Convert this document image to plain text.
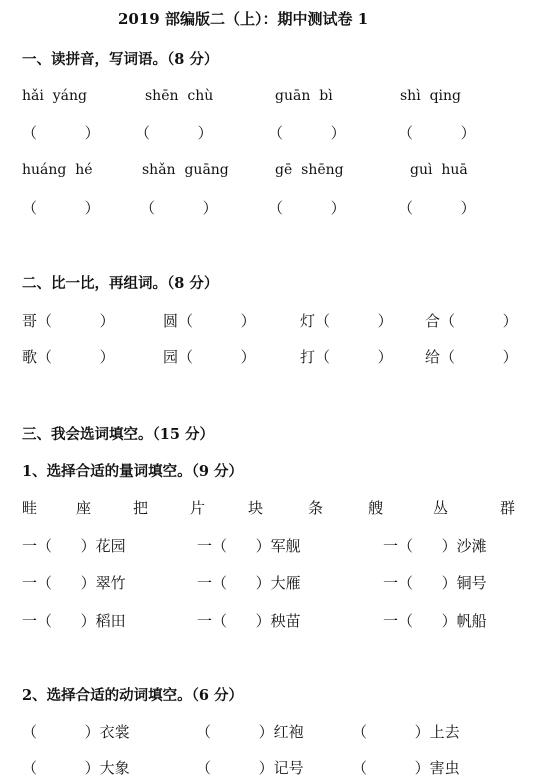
2019 部编版二（上）：期中测试卷 1
一、读拼音，写词语。（8 分）
hǎi  yáng	shēn  chù	guān  bì	shì  qing
（          ） （          ）	（          ）	（          ）
huáng  hé	shǎn  guāng	gē  shēng	guì  huā
（          ）	（          ）	（          ）	（          ）
二、比一比，再组词。（8 分）
哥（          ）	圆（          ）	灯（          ） 合（          ）
歌（          ）	园（          ）	打（          ） 给（          ）
三、我会选词填空。（15 分）
1、选择合适的量词填空。（9 分）
畦	座	把	片	块	条	艘	丛	群
一（      ）花园	一（      ）军舰	一（      ）沙滩
一（      ）翠竹	一（      ）大雁	一（      ）铜号
一（      ）稻田	一（      ）秧苗	一（      ）帆船
2、选择合适的动词填空。（6 分）
（          ）衣裳	（          ）红袍	（          ）上去
（          ）大象	（          ）记号	（          ）害虫
